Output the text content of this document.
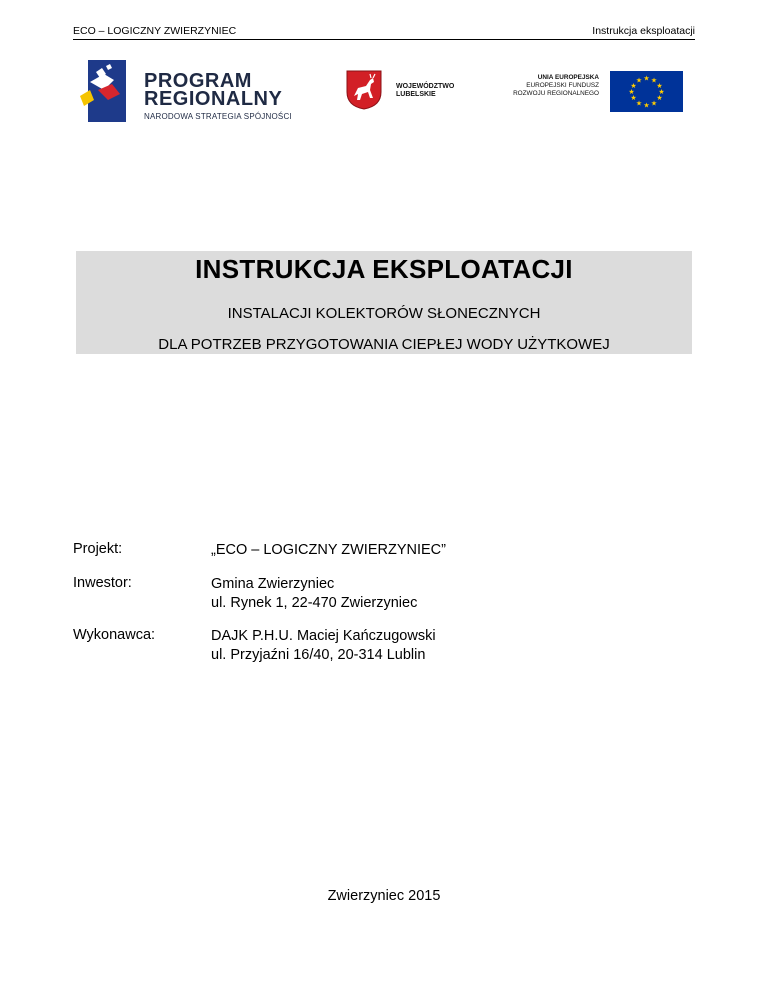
ECO – LOGICZNY ZWIERZYNIEC	Instrukcja eksploatacji
PROGRAM
REGIONALNY
NARODOWA STRATEGIA SPÓJNOŚCI
WOJEWÓDZTWO
LUBELSKIE
UNIA EUROPEJSKA
EUROPEJSKI FUNDUSZ
ROZWOJU REGIONALNEGO
★ ★
★
★
★
★
★
★
★
★
★
★
INSTRUKCJA EKSPLOATACJI
INSTALACJI KOLEKTORÓW SŁONECZNYCH
DLA POTRZEB PRZYGOTOWANIA CIEPŁEJ WODY UŻYTKOWEJ
Projekt:	„ECO – LOGICZNY ZWIERZYNIEC”
Inwestor:	Gmina Zwierzyniec
ul. Rynek 1, 22-470 Zwierzyniec
Wykonawca:	DAJK P.H.U. Maciej Kańczugowski
ul. Przyjaźni 16/40, 20-314 Lublin
Zwierzyniec 2015
